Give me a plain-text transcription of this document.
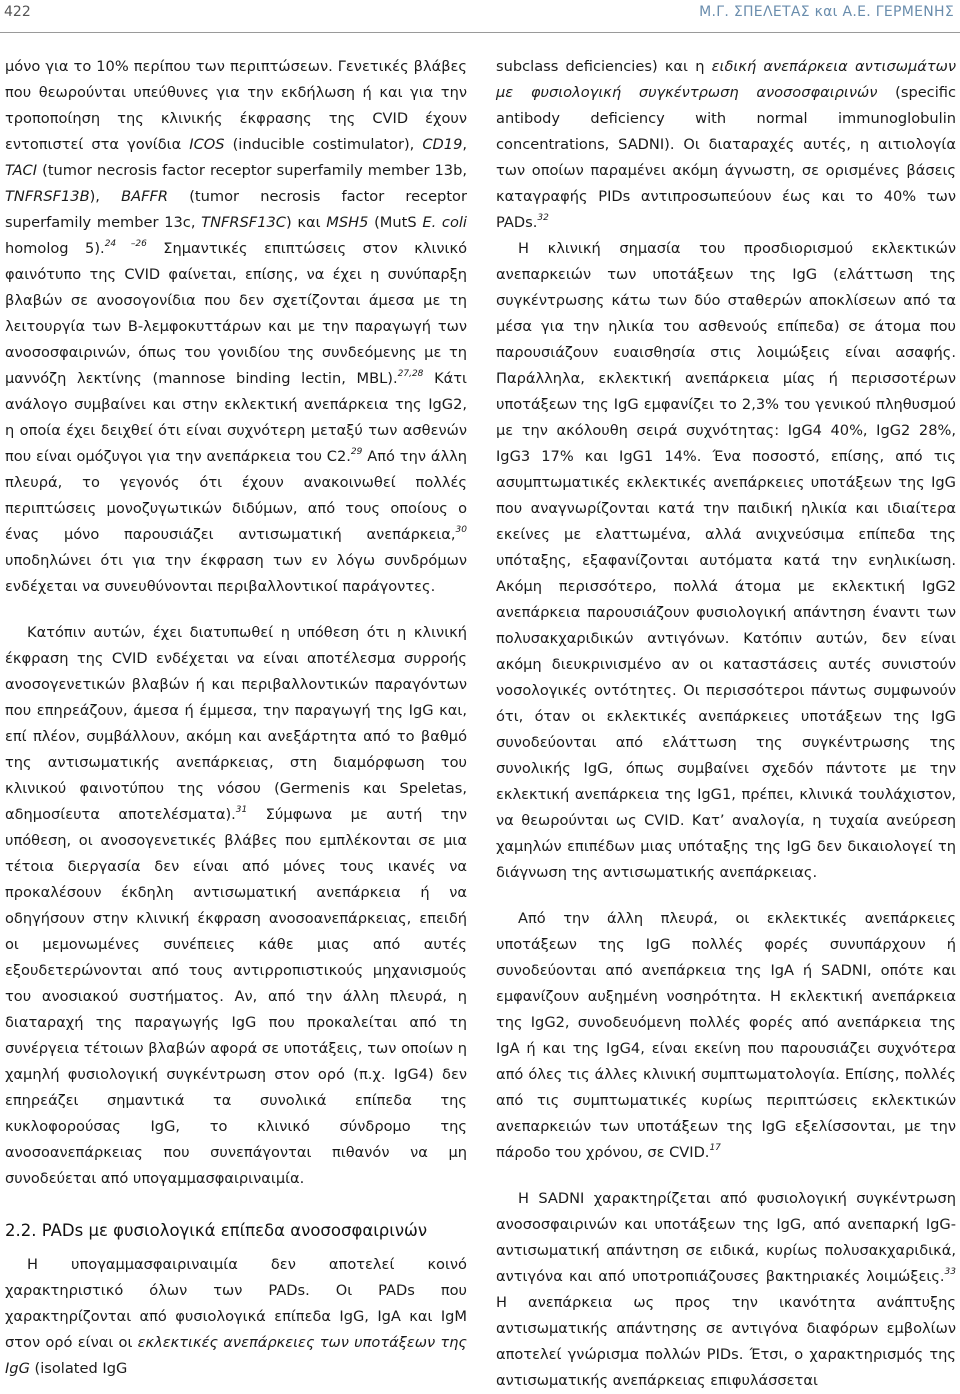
422	Μ.Γ. ΣΠΕΛΕΤΑΣ και Α.Ε. ΓΕΡΜΕΝΗΣ

μόνο για το 10% περίπου των περιπτώσεων. Γενετικές βλάβες που θεωρούνται υπεύθυνες για την εκδήλωση ή και για την τροποποίηση της κλινικής έκφρασης της CVID έχουν εντοπιστεί στα γονίδια ICOS (inducible costimulator), CD19, TACI (tumor necrosis factor receptor superfamily member 13b, TNFRSF13B), BAFFR (tumor necrosis factor receptor superfamily member 13c, TNFRSF13C) και MSH5 (MutS E. coli homolog 5).$^{24 -26}$ Σημαντικές επιπτώσεις στον κλινικό φαινότυπο της CVID φαίνεται, επίσης, να έχει η συνύπαρξη βλαβών σε ανοσογονίδια που δεν σχετίζονται άμεσα με τη λειτουργία των Β-λεμφοκυττάρων και με την παραγωγή των ανοσοσφαιρινών, όπως του γονιδίου της συνδεόμενης με τη μαννόζη λεκτίνης (mannose binding lectin, MBL).$^{27,28}$ Κάτι ανάλογο συμβαίνει και στην εκλεκτική ανεπάρκεια της IgG2, η οποία έχει δειχθεί ότι είναι συχνότερη μεταξύ των ασθενών που είναι ομόζυγοι για την ανεπάρκεια του C2.29 Από την άλλη πλευρά, το γεγονός ότι έχουν ανακοινωθεί πολλές περιπτώσεις μονοζυγωτικών διδύμων, από τους οποίους ο ένας μόνο παρουσιάζει αντισωματική ανεπάρκεια,$^{30}$ υποδηλώνει ότι για την έκφραση των εν λόγω συνδρόμων ενδέχεται να συνευθύνονται περιβαλλοντικοί παράγοντες.

Κατόπιν αυτών, έχει διατυπωθεί η υπόθεση ότι η κλινική έκφραση της CVID ενδέχεται να είναι αποτέλεσμα συρροής ανοσογενετικών βλαβών ή και περιβαλλοντικών παραγόντων που επηρεάζουν, άμεσα ή έμμεσα, την παραγωγή της IgG και, επί πλέον, συμβάλλουν, ακόμη και ανεξάρτητα από το βαθμό της αντισωματικής ανεπάρκειας, στη διαμόρφωση του κλινικού φαινοτύπου της νόσου (Germenis και Speletas, αδημοσίευτα αποτελέσματα).$^{31}$ Σύμφωνα με αυτή την υπόθεση, οι ανοσογενετικές βλάβες που εμπλέκονται σε μια τέτοια διεργασία δεν είναι από μόνες τους ικανές να προκαλέσουν έκδηλη αντισωματική ανεπάρκεια ή να οδηγήσουν στην κλινική έκφραση ανοσοανεπάρκειας, επειδή οι μεμονωμένες συνέπειες κάθε μιας από αυτές εξουδετερώνονται από τους αντιρροπιστικούς μηχανισμούς του ανοσιακού συστήματος. Αν, από την άλλη πλευρά, η διαταραχή της παραγωγής IgG που προκαλείται από τη συνέργεια τέτοιων βλαβών αφορά σε υποτάξεις, των οποίων η χαμηλή φυσιολογική συγκέντρωση στον ορό (π.χ. IgG4) δεν επηρεάζει σημαντικά τα συνολικά επίπεδα της κυκλοφορούσας IgG, το κλινικό σύνδρομο της ανοσοανεπάρκειας που συνεπάγονται πιθανόν να μη συνοδεύεται από υπογαμμασφαιριναιμία.

2.2. PADs με φυσιολογικά επίπεδα ανοσοσφαιρινών

Η υπογαμμασφαιριναιμία δεν αποτελεί κοινό χαρακτηριστικό όλων των PADs. Οι PADs που χαρακτηρίζονται από φυσιολογικά επίπεδα IgG, IgA και IgM στον ορό είναι οι εκλεκτικές ανεπάρκειες των υποτάξεων της IgG (isolated IgG

subclass deficiencies) και η ειδική ανεπάρκεια αντισωμάτων με φυσιολογική συγκέντρωση ανοσοσφαιρινών (specific antibody deficiency with normal immunoglobulin concentrations, SADNI). Οι διαταραχές αυτές, η αιτιολογία των οποίων παραμένει ακόμη άγνωστη, σε ορισμένες βάσεις καταγραφής PIDs αντιπροσωπεύουν έως και το 40% των PADs.$^{32}$

Η κλινική σημασία του προσδιορισμού εκλεκτικών ανεπαρκειών των υποτάξεων της IgG (ελάττωση της συγκέντρωσης κάτω των δύο σταθερών αποκλίσεων από τα μέσα για την ηλικία του ασθενούς επίπεδα) σε άτομα που παρουσιάζουν ευαισθησία στις λοιμώξεις είναι ασαφής. Παράλληλα, εκλεκτική ανεπάρκεια μίας ή περισσοτέρων υποτάξεων της IgG εμφανίζει το 2,3% του γενικού πληθυσμού με την ακόλουθη σειρά συχνότητας: IgG4 40%, IgG2 28%, IgG3 17% και IgG1 14%. Ένα ποσοστό, επίσης, από τις ασυμπτωματικές εκλεκτικές ανεπάρκειες υποτάξεων της IgG που αναγνωρίζονται κατά την παιδική ηλικία και ιδιαίτερα εκείνες με ελαττωμένα, αλλά ανιχνεύσιμα επίπεδα της υπόταξης, εξαφανίζονται αυτόματα κατά την ενηλικίωση. Ακόμη περισσότερο, πολλά άτομα με εκλεκτική IgG2 ανεπάρκεια παρουσιάζουν φυσιολογική απάντηση έναντι των πολυσακχαριδικών αντιγόνων. Κατόπιν αυτών, δεν είναι ακόμη διευκρινισμένο αν οι καταστάσεις αυτές συνιστούν νοσολογικές οντότητες. Οι περισσότεροι πάντως συμφωνούν ότι, όταν οι εκλεκτικές ανεπάρκειες υποτάξεων της IgG συνοδεύονται από ελάττωση της συγκέντρωσης της συνολικής IgG, όπως συμβαίνει σχεδόν πάντοτε με την εκλεκτική ανεπάρκεια της IgG1, πρέπει, κλινικά τουλάχιστον, να θεωρούνται ως CVID. Κατ’ αναλογία, η τυχαία ανεύρεση χαμηλών επιπέδων μιας υπόταξης της IgG δεν δικαιολογεί τη διάγνωση της αντισωματικής ανεπάρκειας.

Από την άλλη πλευρά, οι εκλεκτικές ανεπάρκειες υποτάξεων της IgG πολλές φορές συνυπάρχουν ή συνοδεύονται από ανεπάρκεια της IgA ή SADNI, οπότε και εμφανίζουν αυξημένη νοσηρότητα. Η εκλεκτική ανεπάρκεια της IgG2, συνοδευόμενη πολλές φορές από ανεπάρκεια της IgA ή και της IgG4, είναι εκείνη που παρουσιάζει συχνότερα από όλες τις άλλες κλινική συμπτωματολογία. Επίσης, πολλές από τις συμπτωματικές κυρίως περιπτώσεις εκλεκτικών ανεπαρκειών των υποτάξεων της IgG εξελίσσονται, με την πάροδο του χρόνου, σε CVID.$^{17}$

Η SADNI χαρακτηρίζεται από φυσιολογική συγκέντρωση ανοσοσφαιρινών και υποτάξεων της IgG, από ανεπαρκή IgG-αντισωματική απάντηση σε ειδικά, κυρίως πολυσακχαριδικά, αντιγόνα και από υποτροπιάζουσες βακτηριακές λοιμώξεις.$^{33}$ Η ανεπάρκεια ως προς την ικανότητα ανάπτυξης αντισωματικής απάντησης σε αντιγόνα διαφόρων εμβολίων αποτελεί γνώρισμα πολλών PIDs. Έτσι, ο χαρακτηρισμός της αντισωματικής ανεπάρκειας επιφυλάσσεται
